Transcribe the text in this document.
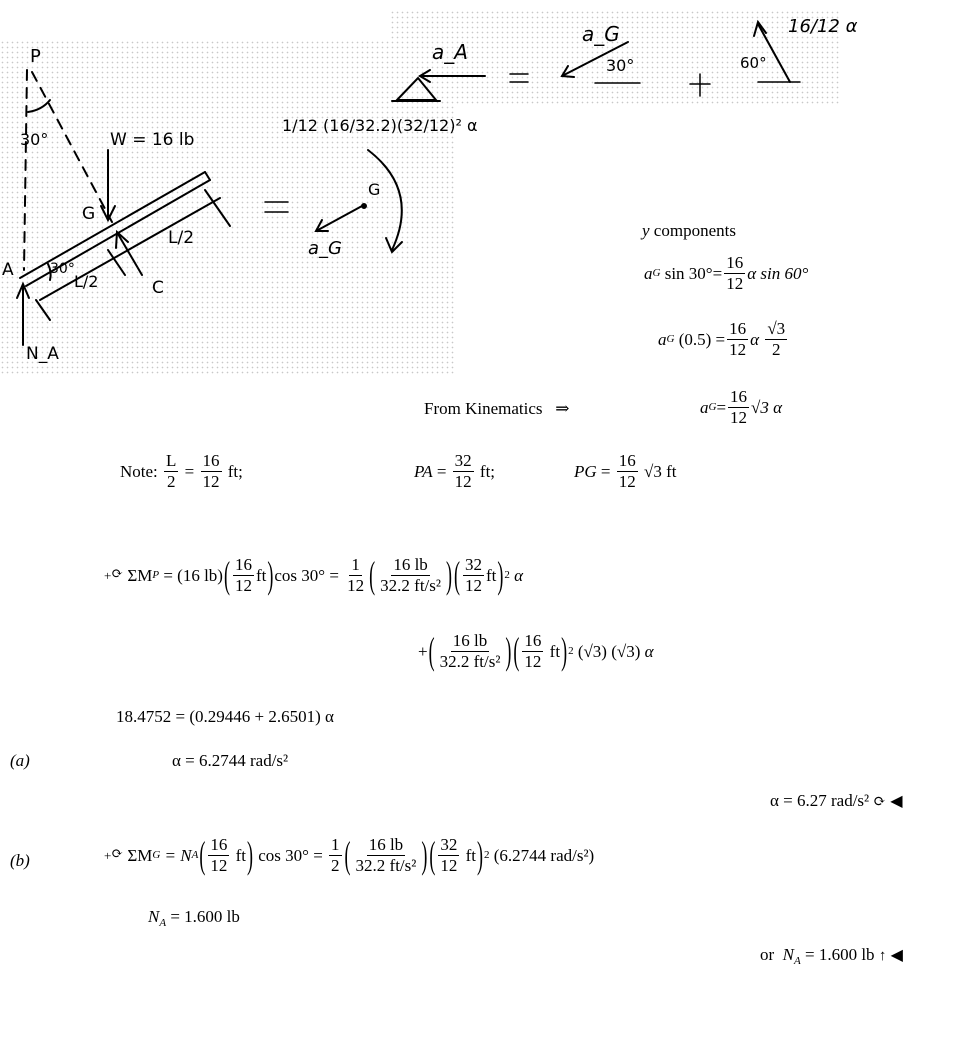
a_A
a_G
30°	60°
16/12 α
P
30°	W = 16 lb
G
L/2
A	30°
L/2	C
N_A
1/12 (16/32.2)(32/12)² α
G
a_G
y components
a G
$\sin 30^\circ= \frac{16}{12}$ α sin 60°
a G
$(0.5) = \frac{16}{12}$ α
$\frac{√3}{2}$
From Kinematics ⇒	a $G = \frac{16}{12} √3$ α
Note:
$\frac{L}{2} = \frac{16}{12}$
ft;	PA = $\frac{32}{12}$
ft;	PG = $\frac{16}{12}$
√3 ft
+ ⟳
ΣM P
= (16 lb) ( $\frac{16}{12}$ ft ) cos 30° =
$\frac{1}{12}$ ( $\frac{16 lb}{\text{32.2 ft/s²}}$ ) ( $\frac{32}{12}$ ft ) 2
α
+ ( $\frac{16 lb}{\text{32.2 ft/s²}}$ ) ( $\frac{16}{12}$
ft ) 2
(√3)
(√3)
α
18.4752 = (0.29446 + 2.6501) α
(a)	α = 6.2744 rad/s²
α = 6.27 rad/s² ⟳ ◀
(b)	+ ⟳
ΣM G
= N A ( $\frac{16}{12}$
ft )
cos 30° =
$\frac{1}{2}$ ( $\frac{16 lb}{\text{32.2 ft/s²}}$ ) ( $\frac{32}{12}$
ft ) 2
(6.2744 rad/s²)
$N_A = 1.600$ lb
or $N_A = 1.600$ lb ↑ ◀
